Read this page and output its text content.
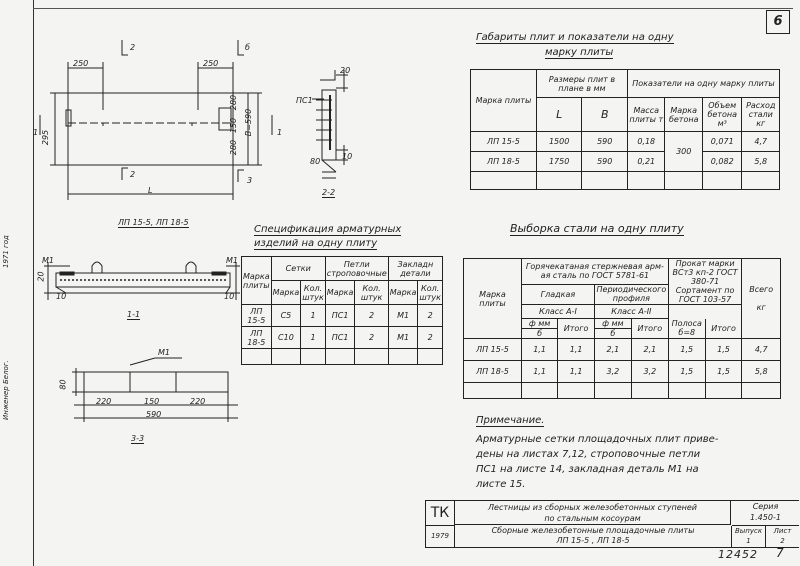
6
Инженер Белог.
1971 год
250	250
295
280
150
280
В=590
L
2	б
2
3
1	1
ЛП 15-5, ЛП 18-5
ПС1
20
80
10
2-2
М1	М1
20
10	10
1-1
М1
80
220	150	220
590
3-3
Габариты плит и показатели на одну
марку плиты
Марка плиты	Размеры плит в плане в мм		Показатели на одну марку плиты			
	L	В	Масса плиты т	Марка бетона	Объем бетона м³	Расход стали кг
ЛП 15-5	1500	590	0,18	300	0,071	4,7
ЛП 18-5	1750	590	0,21		0,082	5,8

Спецификация арматурных
изделий на одну плиту
Марка плиты	Сетки		Петли строповочные		Закладн детали	
	Марка	Кол. штук	Марка	Кол. штук	Марка	Кол. штук
ЛП 15-5	С5	1	ПС1	2	М1	2
ЛП 18-5	С10	1	ПС1	2	М1	2

Выборка стали на одну плиту
Марка плиты	Горячекатаная стержневая арм-ая сталь по ГОСТ 5781-61				Прокат марки ВСт3 кп-2 ГОСТ 380-71 Сортамент по ГОСТ 103-57		Всего

кг
	Гладкая		Периодического профиля				
	Класс А-I		Класс А-II				
	ф мм	Итого	ф мм	Итого	Полоса б=8	Итого	
	б		б				
ЛП 15-5	1,1	1,1	2,1	2,1	1,5	1,5	4,7
ЛП 18-5	1,1	1,1	3,2	3,2	1,5	1,5	5,8

Примечание.
Арматурные сетки площадочных плит приве-
дены на листах 7,12, строповочные петли
ПС1 на листе 14, закладная деталь М1 на
листе 15.
ТК
1979
Лестницы из сборных железобетонных ступеней
по стальным косоурам
Сборные железобетонные площадочные плиты
ЛП 15-5 , ЛП 18-5
Серия
1.450-1
Выпуск
1
Лист
2
12452 7
